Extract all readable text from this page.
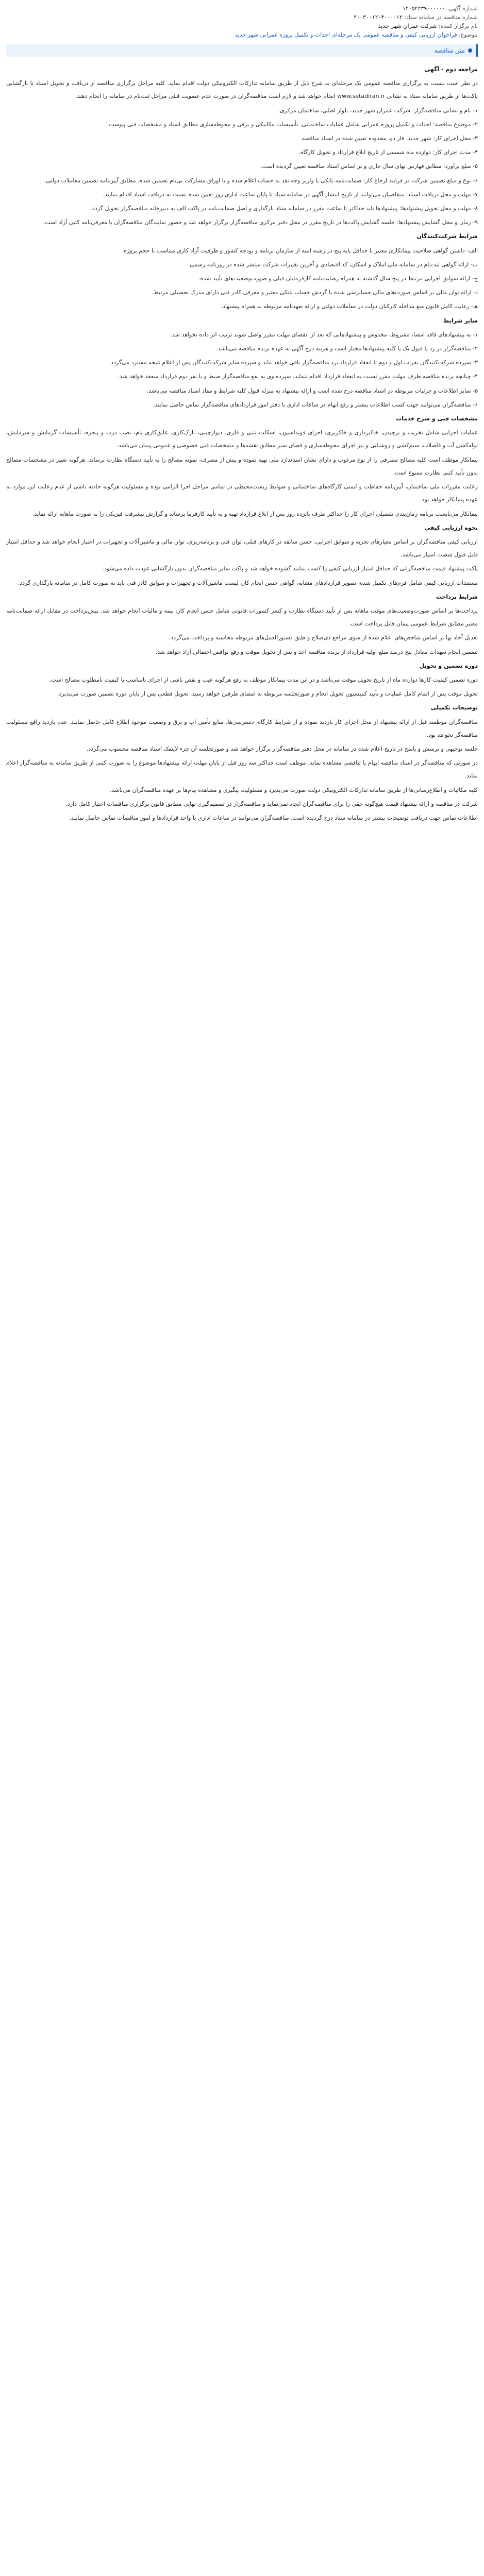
شماره آگهی: ۱۴۰۵۴۲۳۹۰۰۰۰۰۰
شماره مناقصه در سامانه ستاد: ۲۰۰۳۰۰۱۲۰۴۰۰۰۰۱۲
نام برگزار کننده: شرکت عمران شهر جدید
موضوع: فراخوان ارزیابی کیفی و مناقصه عمومی یک مرحله‌ای احداث و تکمیل پروژه عمرانی شهر جدید
متن مناقصه

مراجعه دوم - آگهی

در نظر است نسبت به برگزاری مناقصه عمومی یک مرحله‌ای به شرح ذیل از طریق سامانه تدارکات الکترونیکی دولت اقدام نماید. کلیه مراحل برگزاری مناقصه از دریافت و تحویل اسناد تا بازگشایی پاکت‌ها از طریق سامانه ستاد به نشانی www.setadiran.ir انجام خواهد شد و لازم است مناقصه‌گران در صورت عدم عضویت قبلی مراحل ثبت‌نام در سامانه را انجام دهند.

۱- نام و نشانی مناقصه‌گزار: شرکت عمران شهر جدید، بلوار اصلی، ساختمان مرکزی.

۲- موضوع مناقصه: احداث و تکمیل پروژه عمرانی شامل عملیات ساختمانی، تأسیسات مکانیکی و برقی و محوطه‌سازی مطابق اسناد و مشخصات فنی پیوست.

۳- محل اجرای کار: شهر جدید، فاز دو، محدوده تعیین شده در اسناد مناقصه.

۴- مدت اجرای کار: دوازده ماه شمسی از تاریخ ابلاغ قرارداد و تحویل کارگاه.

۵- مبلغ برآورد: مطابق فهارس بهای سال جاری و بر اساس اسناد مناقصه تعیین گردیده است.

۶- نوع و مبلغ تضمین شرکت در فرایند ارجاع کار: ضمانت‌نامه بانکی یا واریز وجه نقد به حساب اعلام شده و یا اوراق مشارکت بی‌نام تضمین شده، مطابق آیین‌نامه تضمین معاملات دولتی.

۷- مهلت و محل دریافت اسناد: متقاضیان می‌توانند از تاریخ انتشار آگهی در سامانه ستاد تا پایان ساعت اداری روز تعیین شده نسبت به دریافت اسناد اقدام نمایند.

۸- مهلت و محل تحویل پیشنهادها: پیشنهادها باید حداکثر تا ساعت مقرر در سامانه ستاد بارگذاری و اصل ضمانت‌نامه در پاکت الف به دبیرخانه مناقصه‌گزار تحویل گردد.

۹- زمان و محل گشایش پیشنهادها: جلسه گشایش پاکت‌ها در تاریخ مقرر در محل دفتر مرکزی مناقصه‌گزار برگزار خواهد شد و حضور نمایندگان مناقصه‌گران با معرفی‌نامه کتبی آزاد است.

شرایط شرکت‌کنندگان

الف- داشتن گواهی صلاحیت پیمانکاری معتبر با حداقل پایه پنج در رشته ابنیه از سازمان برنامه و بودجه کشور و ظرفیت آزاد کاری متناسب با حجم پروژه.

ب- ارائه گواهی ثبت‌نام در سامانه ملی املاک و اسکان، کد اقتصادی و آخرین تغییرات شرکت منتشر شده در روزنامه رسمی.

ج- ارائه سوابق اجرایی مرتبط در پنج سال گذشته به همراه رضایت‌نامه کارفرمایان قبلی و صورت‌وضعیت‌های تأیید شده.

د- ارائه توان مالی بر اساس صورت‌های مالی حسابرسی شده یا گردش حساب بانکی معتبر و معرفی کادر فنی دارای مدرک تحصیلی مرتبط.

هـ- رعایت کامل قانون منع مداخله کارکنان دولت در معاملات دولتی و ارائه تعهدنامه مربوطه به همراه پیشنهاد.

سایر شرایط

۱- به پیشنهادهای فاقد امضا، مشروط، مخدوش و پیشنهادهایی که بعد از انقضای مهلت مقرر واصل شوند ترتیب اثر داده نخواهد شد.

۲- مناقصه‌گزار در رد یا قبول یک یا کلیه پیشنهادها مختار است و هزینه درج آگهی به عهده برنده مناقصه می‌باشد.

۳- سپرده شرکت‌کنندگان نفرات اول و دوم تا انعقاد قرارداد نزد مناقصه‌گزار باقی خواهد ماند و سپرده سایر شرکت‌کنندگان پس از اعلام نتیجه مسترد می‌گردد.

۴- چنانچه برنده مناقصه ظرف مهلت مقرر نسبت به انعقاد قرارداد اقدام ننماید، سپرده وی به نفع مناقصه‌گزار ضبط و با نفر دوم قرارداد منعقد خواهد شد.

۵- سایر اطلاعات و جزئیات مربوطه در اسناد مناقصه درج شده است و ارائه پیشنهاد به منزله قبول کلیه شرایط و مفاد اسناد مناقصه می‌باشد.

۶- مناقصه‌گران می‌توانند جهت کسب اطلاعات بیشتر و رفع ابهام در ساعات اداری با دفتر امور قراردادهای مناقصه‌گزار تماس حاصل نمایند.

مشخصات فنی و شرح خدمات

عملیات اجرایی شامل تخریب و برچیدن، خاکبرداری و خاکریزی، اجرای فونداسیون، اسکلت بتنی و فلزی، دیوارچینی، نازک‌کاری، عایق‌کاری بام، نصب درب و پنجره، تأسیسات گرمایش و سرمایش، لوله‌کشی آب و فاضلاب، سیم‌کشی و روشنایی و نیز اجرای محوطه‌سازی و فضای سبز مطابق نقشه‌ها و مشخصات فنی خصوصی و عمومی پیمان می‌باشد.

پیمانکار موظف است کلیه مصالح مصرفی را از نوع مرغوب و دارای نشان استاندارد ملی تهیه نموده و پیش از مصرف، نمونه مصالح را به تأیید دستگاه نظارت برساند. هرگونه تغییر در مشخصات مصالح بدون تأیید کتبی نظارت ممنوع است.

رعایت مقررات ملی ساختمان، آیین‌نامه حفاظت و ایمنی کارگاه‌های ساختمانی و ضوابط زیست‌محیطی در تمامی مراحل اجرا الزامی بوده و مسئولیت هرگونه حادثه ناشی از عدم رعایت این موارد به عهده پیمانکار خواهد بود.

پیمانکار می‌بایست برنامه زمان‌بندی تفصیلی اجرای کار را حداکثر ظرف پانزده روز پس از ابلاغ قرارداد تهیه و به تأیید کارفرما برساند و گزارش پیشرفت فیزیکی را به صورت ماهانه ارائه نماید.

نحوه ارزیابی کیفی

ارزیابی کیفی مناقصه‌گران بر اساس معیارهای تجربه و سوابق اجرایی، حسن سابقه در کارهای قبلی، توان فنی و برنامه‌ریزی، توان مالی و ماشین‌آلات و تجهیزات در اختیار انجام خواهد شد و حداقل امتیاز قابل قبول شصت امتیاز می‌باشد.

پاکت پیشنهاد قیمت مناقصه‌گرانی که حداقل امتیاز ارزیابی کیفی را کسب نمایند گشوده خواهد شد و پاکت سایر مناقصه‌گران بدون بازگشایی عودت داده می‌شود.

مستندات ارزیابی کیفی شامل فرم‌های تکمیل شده، تصویر قراردادهای مشابه، گواهی حسن انجام کار، لیست ماشین‌آلات و تجهیزات و سوابق کادر فنی باید به صورت کامل در سامانه بارگذاری گردد.

شرایط پرداخت

پرداخت‌ها بر اساس صورت‌وضعیت‌های موقت ماهانه پس از تأیید دستگاه نظارت و کسر کسورات قانونی شامل حسن انجام کار، بیمه و مالیات انجام خواهد شد. پیش‌پرداخت در مقابل ارائه ضمانت‌نامه معتبر مطابق شرایط عمومی پیمان قابل پرداخت است.

تعدیل آحاد بها بر اساس شاخص‌های اعلام شده از سوی مراجع ذی‌صلاح و طبق دستورالعمل‌های مربوطه محاسبه و پرداخت می‌گردد.

تضمین انجام تعهدات معادل پنج درصد مبلغ اولیه قرارداد از برنده مناقصه اخذ و پس از تحویل موقت و رفع نواقص احتمالی آزاد خواهد شد.

دوره تضمین و تحویل

دوره تضمین کیفیت کارها دوازده ماه از تاریخ تحویل موقت می‌باشد و در این مدت پیمانکار موظف به رفع هرگونه عیب و نقص ناشی از اجرای نامناسب یا کیفیت نامطلوب مصالح است.

تحویل موقت پس از اتمام کامل عملیات و تأیید کمیسیون تحویل انجام و صورتجلسه مربوطه به امضای طرفین خواهد رسید. تحویل قطعی پس از پایان دوره تضمین صورت می‌پذیرد.

توضیحات تکمیلی

مناقصه‌گران موظفند قبل از ارائه پیشنهاد از محل اجرای کار بازدید نموده و از شرایط کارگاه، دسترسی‌ها، منابع تأمین آب و برق و وضعیت موجود اطلاع کامل حاصل نمایند. عدم بازدید رافع مسئولیت مناقصه‌گر نخواهد بود.

جلسه توجیهی و پرسش و پاسخ در تاریخ اعلام شده در سامانه در محل دفتر مناقصه‌گزار برگزار خواهد شد و صورتجلسه آن جزء لاینفک اسناد مناقصه محسوب می‌گردد.

در صورتی که مناقصه‌گر در اسناد مناقصه ابهام یا تناقضی مشاهده نماید، موظف است حداکثر سه روز قبل از پایان مهلت ارائه پیشنهادها موضوع را به صورت کتبی از طریق سامانه به مناقصه‌گزار اعلام نماید.

کلیه مکاتبات و اطلاع‌رسانی‌ها از طریق سامانه تدارکات الکترونیکی دولت صورت می‌پذیرد و مسئولیت پیگیری و مشاهده پیام‌ها بر عهده مناقصه‌گران می‌باشد.

شرکت در مناقصه و ارائه پیشنهاد قیمت هیچ‌گونه حقی را برای مناقصه‌گران ایجاد نمی‌نماید و مناقصه‌گزار در تصمیم‌گیری نهایی مطابق قانون برگزاری مناقصات اختیار کامل دارد.

اطلاعات تماس جهت دریافت توضیحات بیشتر در سامانه ستاد درج گردیده است. مناقصه‌گران می‌توانند در ساعات اداری با واحد قراردادها و امور مناقصات تماس حاصل نمایند.
